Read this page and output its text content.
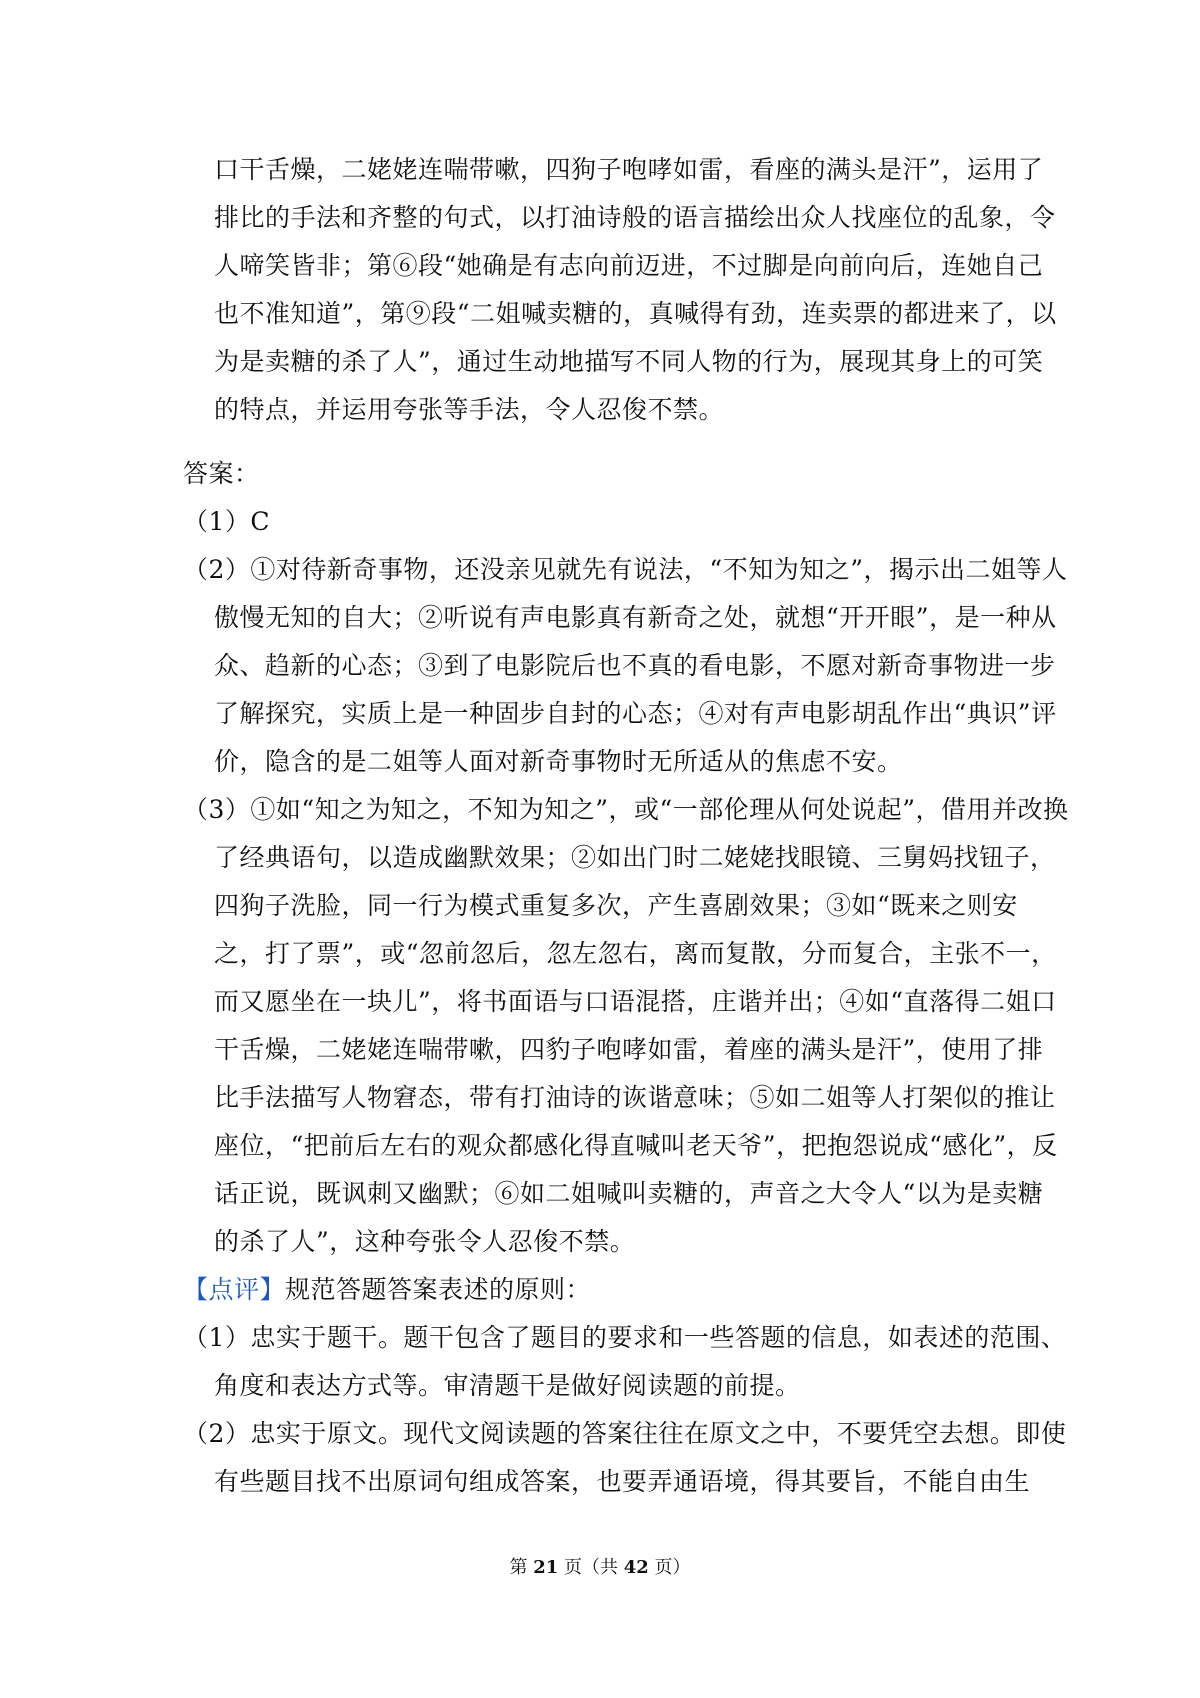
口干舌燥，二姥姥连喘带嗽，四狗子咆哮如雷，看座的满头是汗”，运用了
排比的手法和齐整的句式，以打油诗般的语言描绘出众人找座位的乱象，令
人啼笑皆非；第⑥段“她确是有志向前迈进，不过脚是向前向后，连她自己
也不准知道”，第⑨段“二姐喊卖糖的，真喊得有劲，连卖票的都进来了，以
为是卖糖的杀了人”，通过生动地描写不同人物的行为，展现其身上的可笑
的特点，并运用夸张等手法，令人忍俊不禁。
答案：
（1）C
（2）①对待新奇事物，还没亲见就先有说法，“不知为知之”，揭示出二姐等人
傲慢无知的自大；②听说有声电影真有新奇之处，就想“开开眼”，是一种从
众、趋新的心态；③到了电影院后也不真的看电影，不愿对新奇事物进一步
了解探究，实质上是一种固步自封的心态；④对有声电影胡乱作出“典识”评
价，隐含的是二姐等人面对新奇事物时无所适从的焦虑不安。
（3）①如“知之为知之，不知为知之”，或“一部伦理从何处说起”，借用并改换
了经典语句，以造成幽默效果；②如出门时二姥姥找眼镜、三舅妈找钮子，
四狗子洗脸，同一行为模式重复多次，产生喜剧效果；③如“既来之则安
之，打了票”，或“忽前忽后，忽左忽右，离而复散，分而复合，主张不一，
而又愿坐在一块儿”，将书面语与口语混搭，庄谐并出；④如“直落得二姐口
干舌燥，二姥姥连喘带嗽，四豹子咆哮如雷，着座的满头是汗”，使用了排
比手法描写人物窘态，带有打油诗的诙谐意味；⑤如二姐等人打架似的推让
座位，“把前后左右的观众都感化得直喊叫老天爷”，把抱怨说成“感化”，反
话正说，既讽刺又幽默；⑥如二姐喊叫卖糖的，声音之大令人“以为是卖糖
的杀了人”，这种夸张令人忍俊不禁。
【点评】规范答题答案表述的原则：
（1）忠实于题干。题干包含了题目的要求和一些答题的信息，如表述的范围、
角度和表达方式等。审清题干是做好阅读题的前提。
（2）忠实于原文。现代文阅读题的答案往往在原文之中，不要凭空去想。即使
有些题目找不出原词句组成答案，也要弄通语境，得其要旨，不能自由生
第 21 页（共 42 页）
